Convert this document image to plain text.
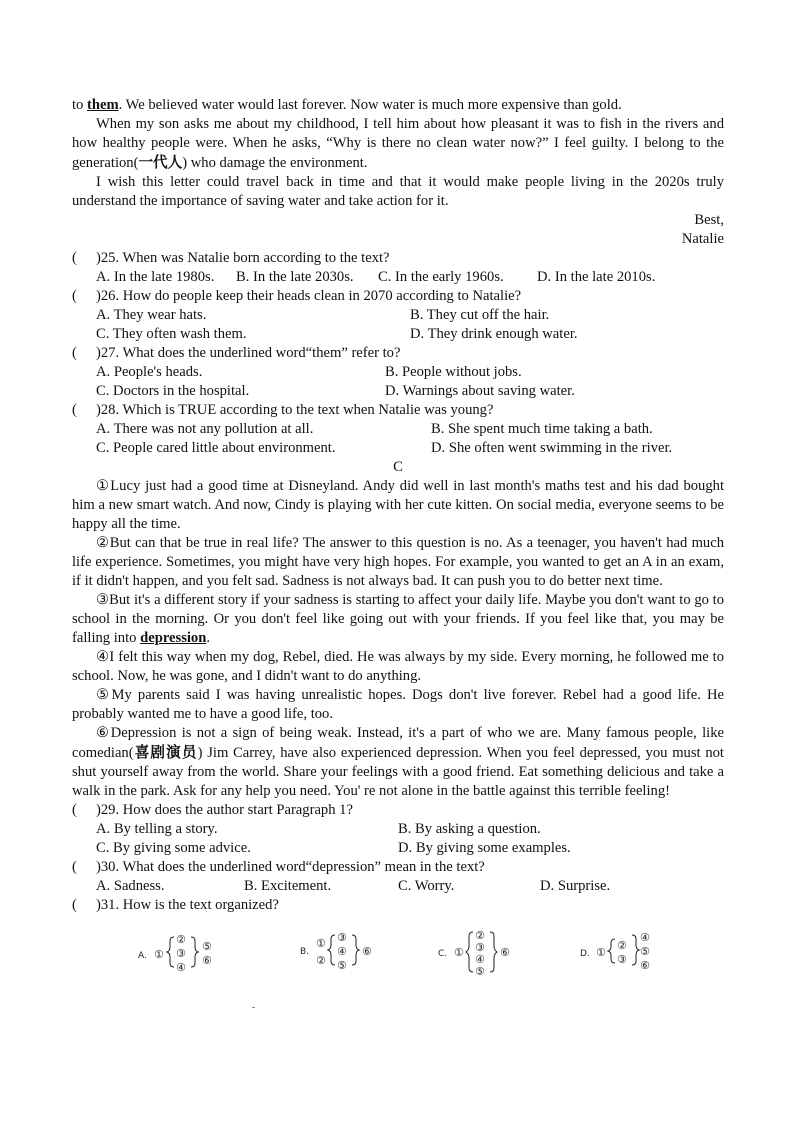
to them. We believed water would last forever. Now water is much more expensive than gold.

When my son asks me about my childhood, I tell him about how pleasant it was to fish in the rivers and how healthy people were. When he asks, “Why is there no clean water now?” I feel guilty. I belong to the generation(一代人) who damage the environment.

I wish this letter could travel back in time and that it would make people living in the 2020s truly understand the importance of saving water and take action for it.

Best,
Natalie
( )25. When was Natalie born according to the text?
A. In the late 1980s. B. In the late 2030s. C. In the early 1960s. D. In the late 2010s.
( )26. How do people keep their heads clean in 2070 according to Natalie?
A. They wear hats.	B. They cut off the hair.
C. They often wash them.	D. They drink enough water.
( )27. What does the underlined word“them” refer to?
A. People's heads.	B. People without jobs.
C. Doctors in the hospital.	D. Warnings about saving water.
( )28. Which is TRUE according to the text when Natalie was young?
A. There was not any pollution at all.	B. She spent much time taking a bath.
C. People cared little about environment.	D. She often went swimming in the river.
C

①Lucy just had a good time at Disneyland. Andy did well in last month's maths test and his dad bought him a new smart watch. And now, Cindy is playing with her cute kitten. On social media, everyone seems to be happy all the time.

②But can that be true in real life? The answer to this question is no. As a teenager, you haven't had much life experience. Sometimes, you might have very high hopes. For example, you wanted to get an A in an exam, if it didn't happen, and you felt sad. Sadness is not always bad. It can push you to do better next time.

③But it's a different story if your sadness is starting to affect your daily life. Maybe you don't want to go to school in the morning. Or you don't feel like going out with your friends. If you feel like that, you may be falling into depression.

④I felt this way when my dog, Rebel, died. He was always by my side. Every morning, he followed me to school. Now, he was gone, and I didn't want to do anything.

⑤My parents said I was having unrealistic hopes. Dogs don't live forever. Rebel had a good life. He probably wanted me to have a good life, too.

⑥Depression is not a sign of being weak. Instead, it's a part of who we are. Many famous people, like comedian(喜剧演员) Jim Carrey, have also experienced depression. When you feel depressed, you must not shut yourself away from the world. Share your feelings with a good friend. Eat something delicious and take a walk in the park. Ask for any help you need. You' re not alone in the battle against this terrible feeling!

( )29. How does the author start Paragraph 1?
A. By telling a story.	B. By asking a question.
C. By giving some advice.	D. By giving some examples.
( )30. What does the underlined word“depression” mean in the text?
A. Sadness.	B. Excitement.	C. Worry.	D. Surprise.
( )31. How is the text organized?
A. ①
②
③
④
⑤
⑥
B.
①
②
③
④
⑤
⑥	C. ①
②
③
④
⑤
⑥	D. ①
②
③
④
⑤
⑥
